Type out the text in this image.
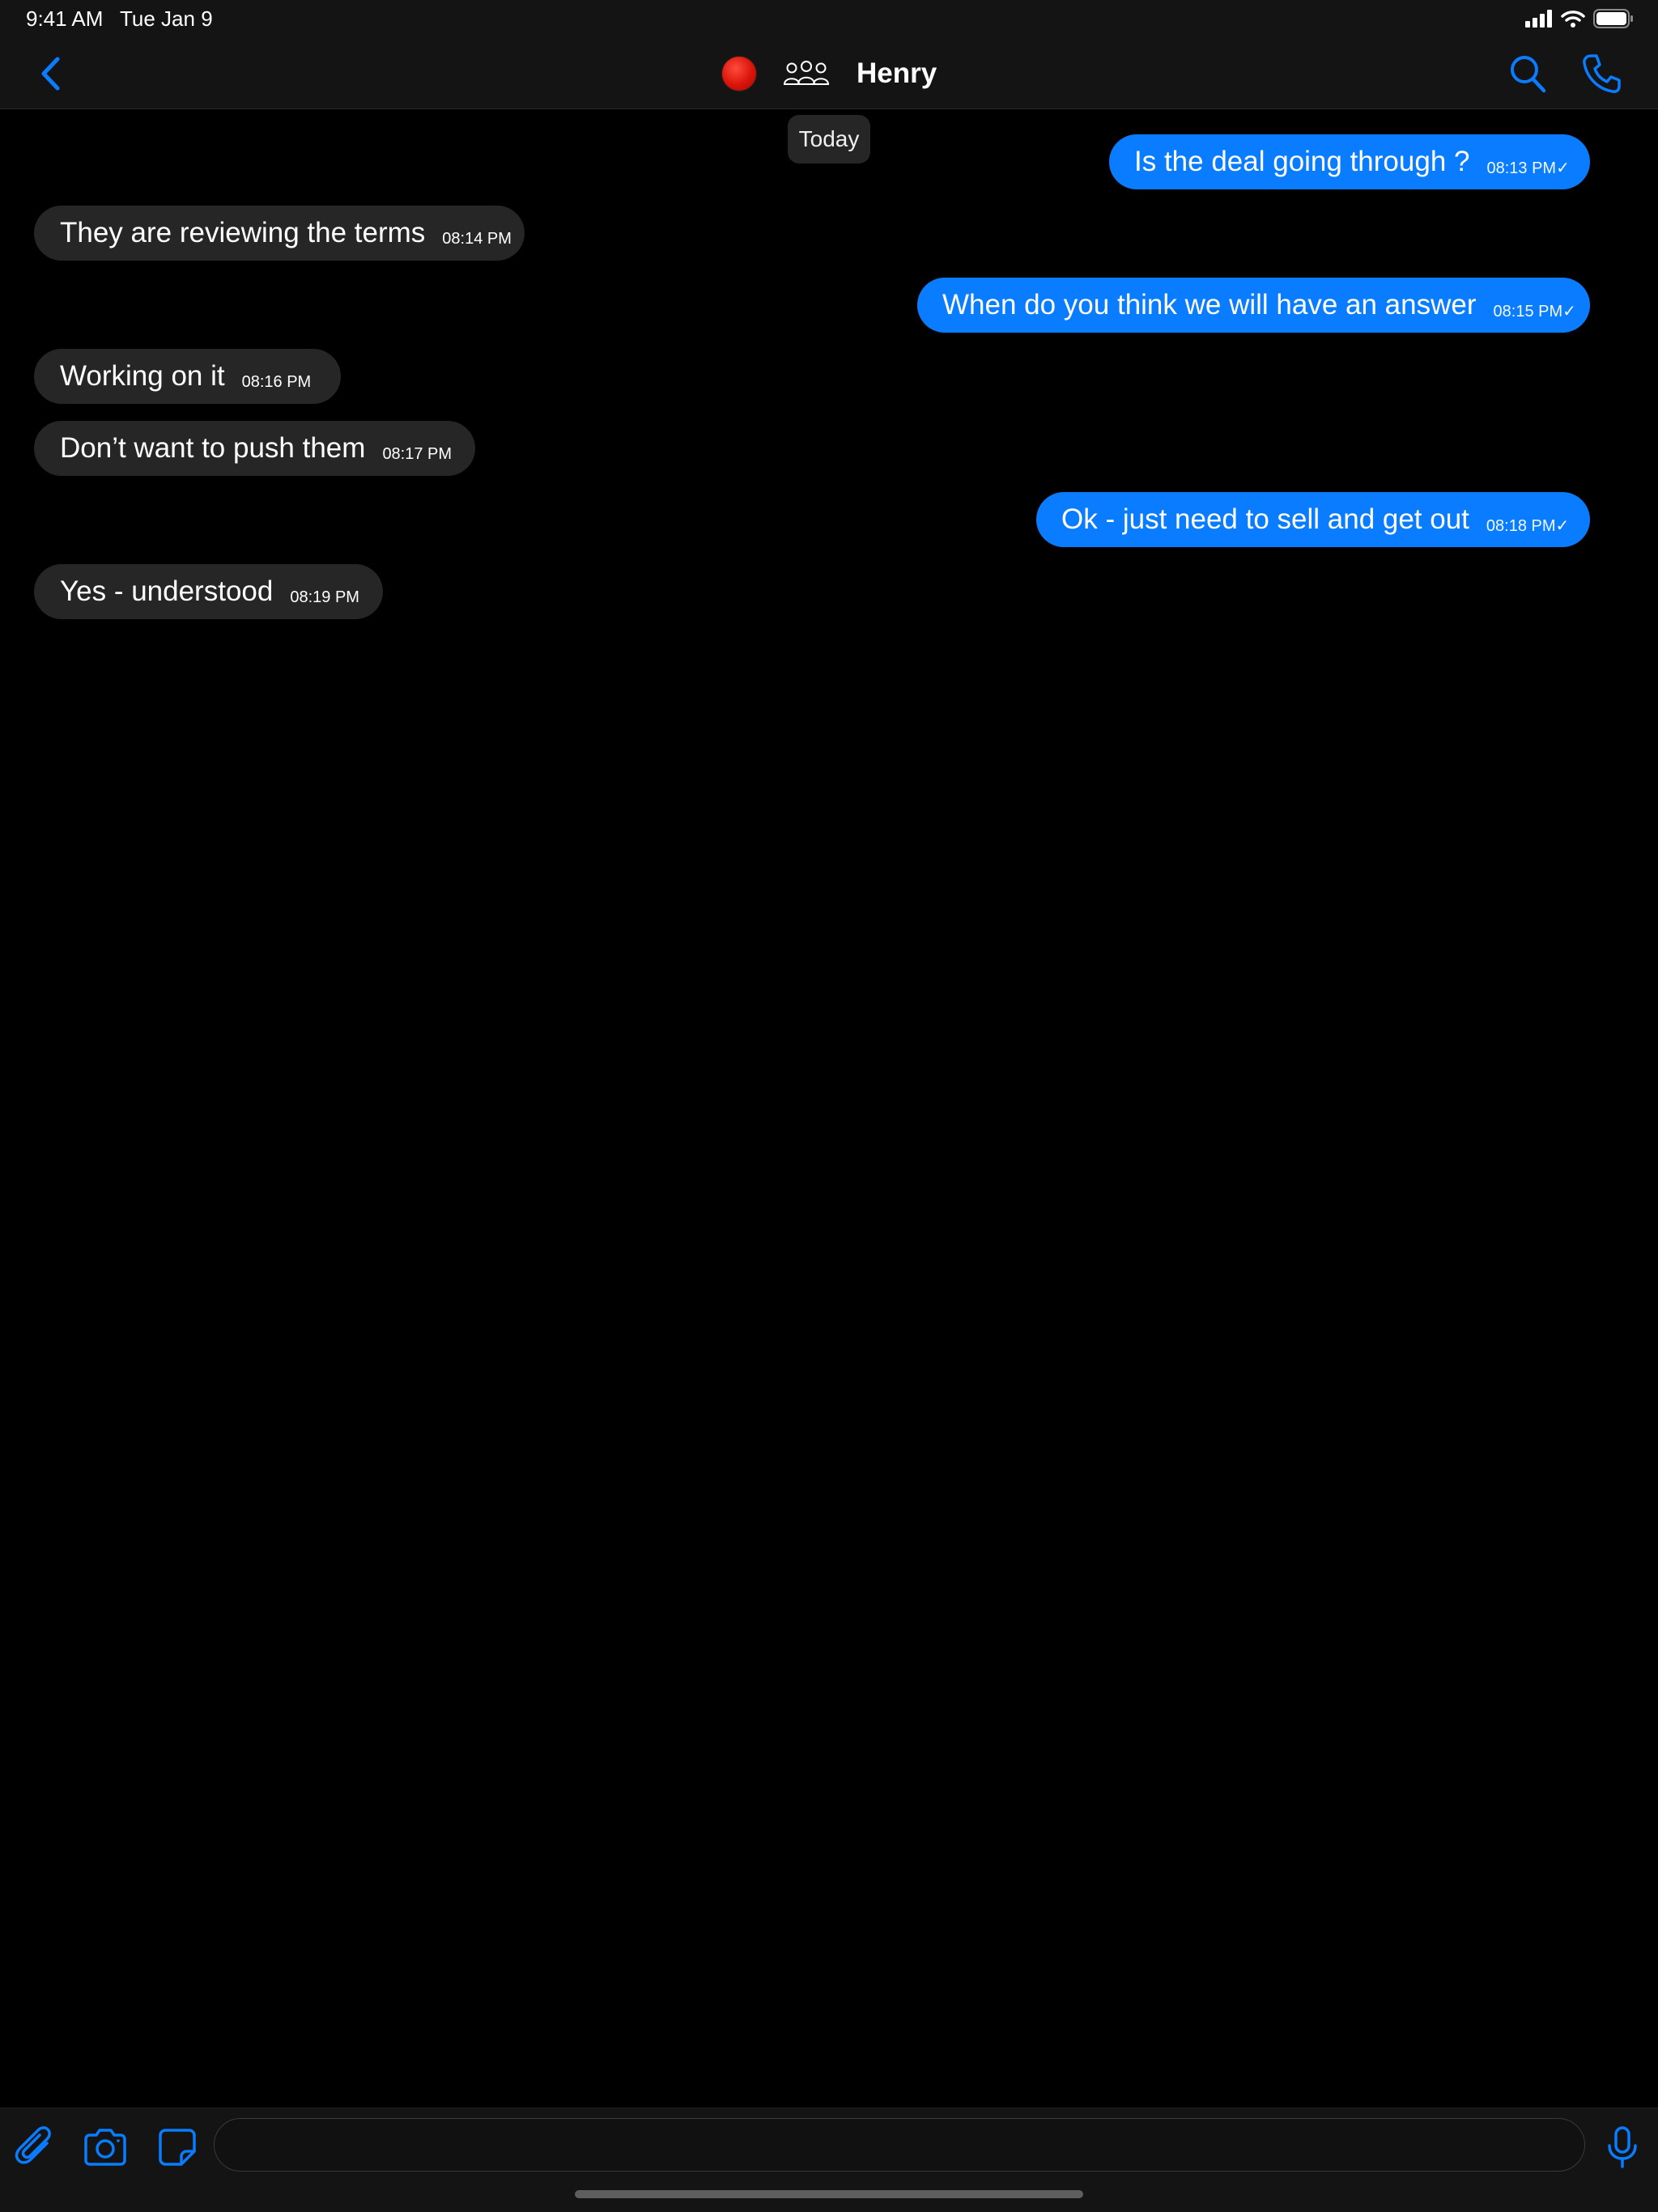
9:41 AM Tue Jan 9
Henry
Today
Is the deal going through ? 08:13 PM✓
They are reviewing the terms 08:14 PM
When do you think we will have an answer 08:15 PM✓
Working on it 08:16 PM
Don’t want to push them 08:17 PM
Ok - just need to sell and get out 08:18 PM✓
Yes - understood 08:19 PM
